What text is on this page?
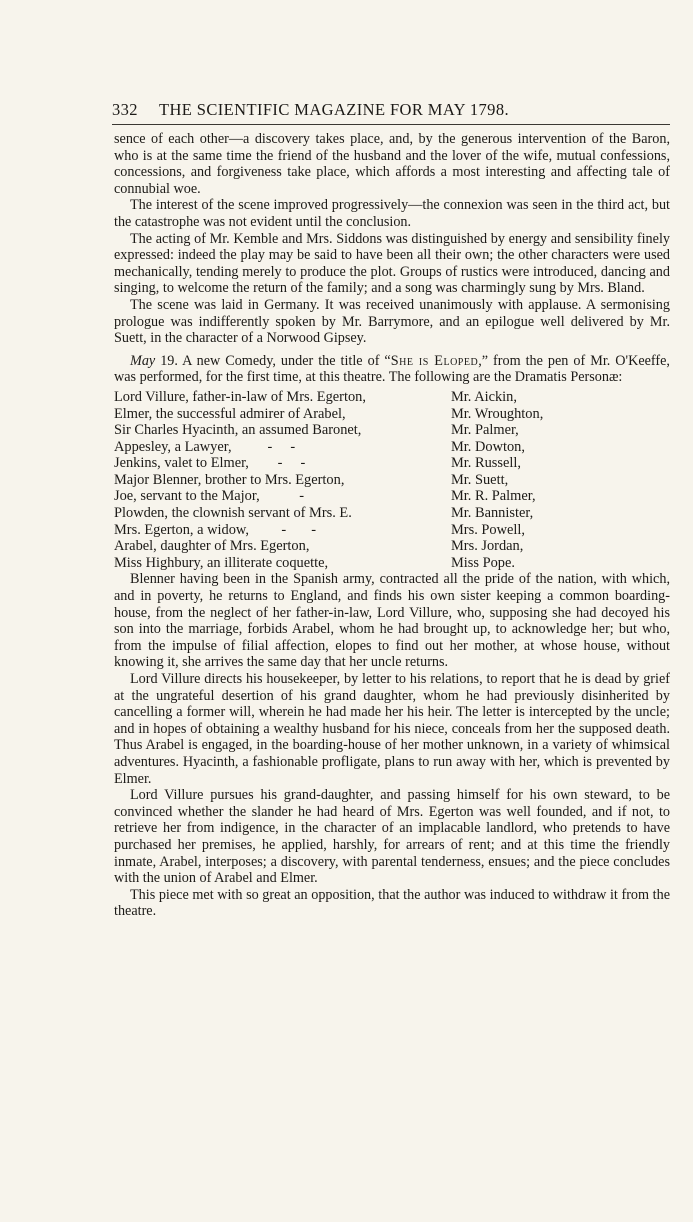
332 THE SCIENTIFIC MAGAZINE FOR MAY 1798.

sence of each other—a discovery takes place, and, by the generous intervention of the Baron, who is at the same time the friend of the husband and the lover of the wife, mutual confessions, concessions, and forgiveness take place, which affords a most interesting and affecting tale of connubial woe.

The interest of the scene improved progressively—the connexion was seen in the third act, but the catastrophe was not evident until the conclusion.

The acting of Mr. Kemble and Mrs. Siddons was distinguished by energy and sensibility finely expressed: indeed the play may be said to have been all their own; the other characters were used mechanically, tending merely to produce the plot. Groups of rustics were introduced, dancing and singing, to welcome the return of the family; and a song was charmingly sung by Mrs. Bland.

The scene was laid in Germany. It was received unanimously with applause. A sermonising prologue was indifferently spoken by Mr. Barrymore, and an epilogue well delivered by Mr. Suett, in the character of a Norwood Gipsey.

May 19. A new Comedy, under the title of “She is Eloped,” from the pen of Mr. O'Keeffe, was performed, for the first time, at this theatre. The following are the Dramatis Personæ:

Lord Villure, father-in-law of Mrs. Egerton,	Mr. Aickin,
Elmer, the successful admirer of Arabel,	Mr. Wroughton,
Sir Charles Hyacinth, an assumed Baronet,	Mr. Palmer,
Appesley, a Lawyer,          -     -	Mr. Dowton,
Jenkins, valet to Elmer,        -     -	Mr. Russell,
Major Blenner, brother to Mrs. Egerton,	Mr. Suett,
Joe, servant to the Major,           -	Mr. R. Palmer,
Plowden, the clownish servant of Mrs. E.	Mr. Bannister,
Mrs. Egerton, a widow,         -       -	Mrs. Powell,
Arabel, daughter of Mrs. Egerton,	Mrs. Jordan,
Miss Highbury, an illiterate coquette,	Miss Pope.

Blenner having been in the Spanish army, contracted all the pride of the nation, with which, and in poverty, he returns to England, and finds his own sister keeping a common boarding-house, from the neglect of her father-in-law, Lord Villure, who, supposing she had decoyed his son into the marriage, forbids Arabel, whom he had brought up, to acknowledge her; but who, from the impulse of filial affection, elopes to find out her mother, at whose house, without knowing it, she arrives the same day that her uncle returns.

Lord Villure directs his housekeeper, by letter to his relations, to report that he is dead by grief at the ungrateful desertion of his grand daughter, whom he had previously disinherited by cancelling a former will, wherein he had made her his heir. The letter is intercepted by the uncle; and in hopes of obtaining a wealthy husband for his niece, conceals from her the supposed death. Thus Arabel is engaged, in the boarding-house of her mother unknown, in a variety of whimsical adventures. Hyacinth, a fashionable profligate, plans to run away with her, which is prevented by Elmer.

Lord Villure pursues his grand-daughter, and passing himself for his own steward, to be convinced whether the slander he had heard of Mrs. Egerton was well founded, and if not, to retrieve her from indigence, in the character of an implacable landlord, who pretends to have purchased her premises, he applied, harshly, for arrears of rent; and at this time the friendly inmate, Arabel, interposes; a discovery, with parental tenderness, ensues; and the piece concludes with the union of Arabel and Elmer.

This piece met with so great an opposition, that the author was induced to withdraw it from the theatre.
